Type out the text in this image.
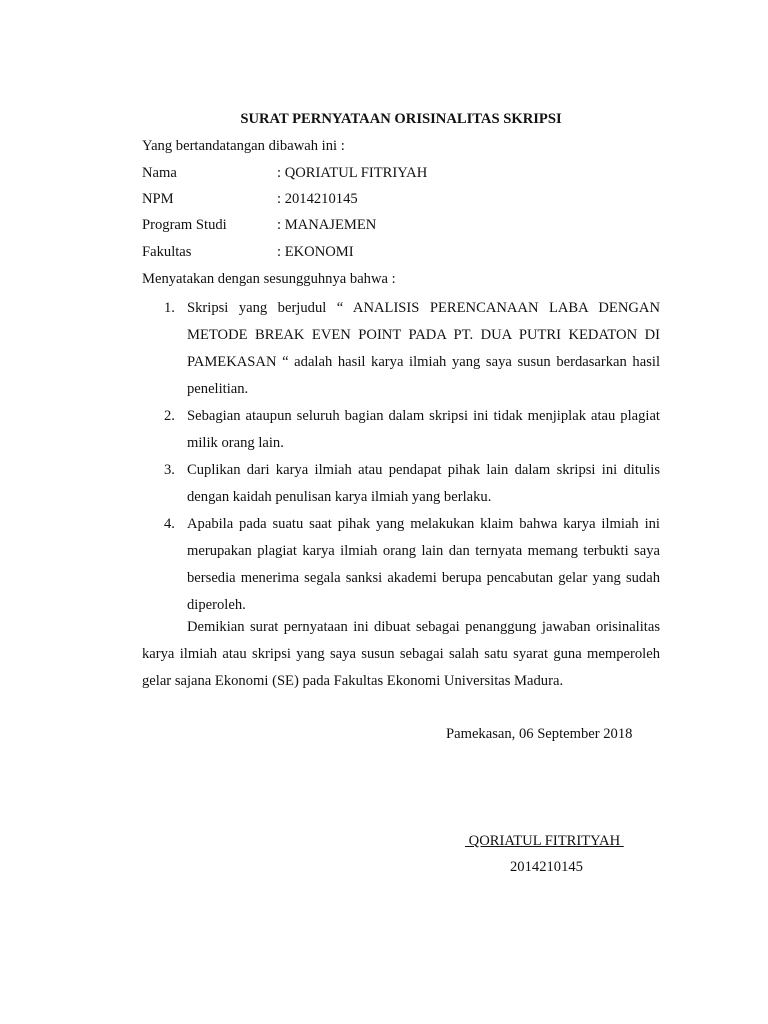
SURAT PERNYATAAN ORISINALITAS SKRIPSI
Yang bertandatangan dibawah ini :
Nama	: QORIATUL FITRIYAH
NPM	: 2014210145
Program Studi	: MANAJEMEN
Fakultas	: EKONOMI
Menyatakan dengan sesungguhnya bahwa :
1. Skripsi yang berjudul “ ANALISIS PERENCANAAN LABA DENGAN METODE BREAK EVEN POINT PADA PT. DUA PUTRI KEDATON DI PAMEKASAN “ adalah hasil karya ilmiah yang saya susun berdasarkan hasil penelitian.
2. Sebagian ataupun seluruh bagian dalam skripsi ini tidak menjiplak atau plagiat milik orang lain.
3. Cuplikan dari karya ilmiah atau pendapat pihak lain dalam skripsi ini ditulis dengan kaidah penulisan karya ilmiah yang berlaku.
4. Apabila pada suatu saat pihak yang melakukan klaim bahwa karya ilmiah ini merupakan plagiat karya ilmiah orang lain dan ternyata memang terbukti saya bersedia menerima segala sanksi akademi berupa pencabutan gelar yang sudah diperoleh.
Demikian surat pernyataan ini dibuat sebagai penanggung jawaban orisinalitas karya ilmiah atau skripsi yang saya susun sebagai salah satu syarat guna memperoleh gelar sajana Ekonomi (SE) pada Fakultas Ekonomi Universitas Madura.
Pamekasan, 06 September 2018
QORIATUL FITRITYAH
2014210145
